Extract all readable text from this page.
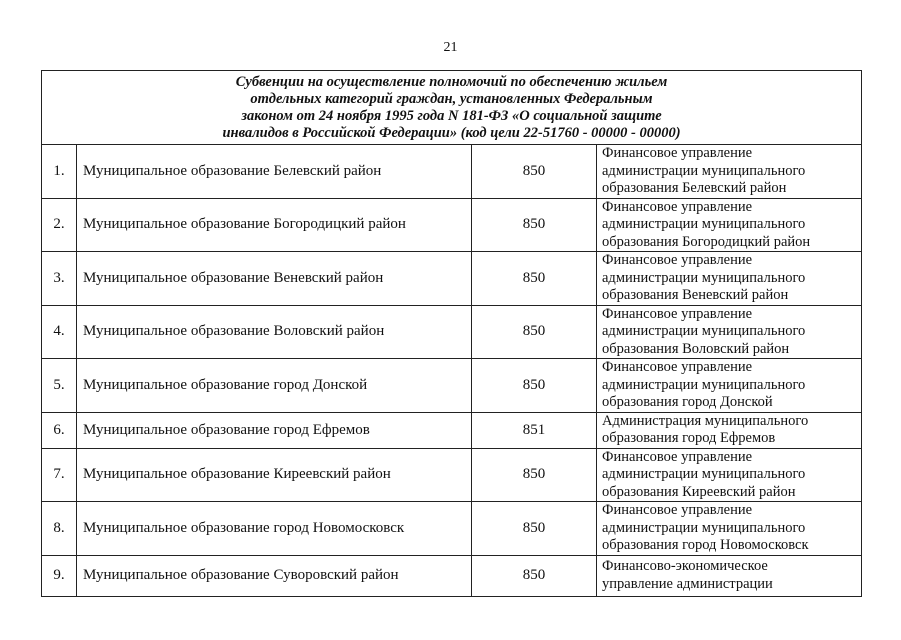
21
Субвенции на осуществление полномочий по обеспечению жильем
отдельных категорий граждан, установленных Федеральным
законом от 24 ноября 1995 года N 181-ФЗ «О социальной защите
инвалидов в Российской Федерации» (код цели 22-51760 - 00000 - 00000)			

1.	Муниципальное образование Белевский район	850	Финансовое управление
администрации муниципального
образования Белевский район

2.	Муниципальное образование Богородицкий район	850	Финансовое управление
администрации муниципального
образования Богородицкий район

3.	Муниципальное образование Веневский район	850	Финансовое управление
администрации муниципального
образования Веневский район

4.	Муниципальное образование Воловский район	850	Финансовое управление
администрации муниципального
образования Воловский район

5.	Муниципальное образование город Донской	850	Финансовое управление
администрации муниципального
образования город Донской

6.	Муниципальное образование город Ефремов	851	Администрация муниципального
образования город Ефремов

7.	Муниципальное образование Киреевский район	850	Финансовое управление
администрации муниципального
образования Киреевский район

8.	Муниципальное образование город Новомосковск	850	Финансовое управление
администрации муниципального
образования город Новомосковск

9.	Муниципальное образование Суворовский район	850	Финансово-экономическое
управление администрации
